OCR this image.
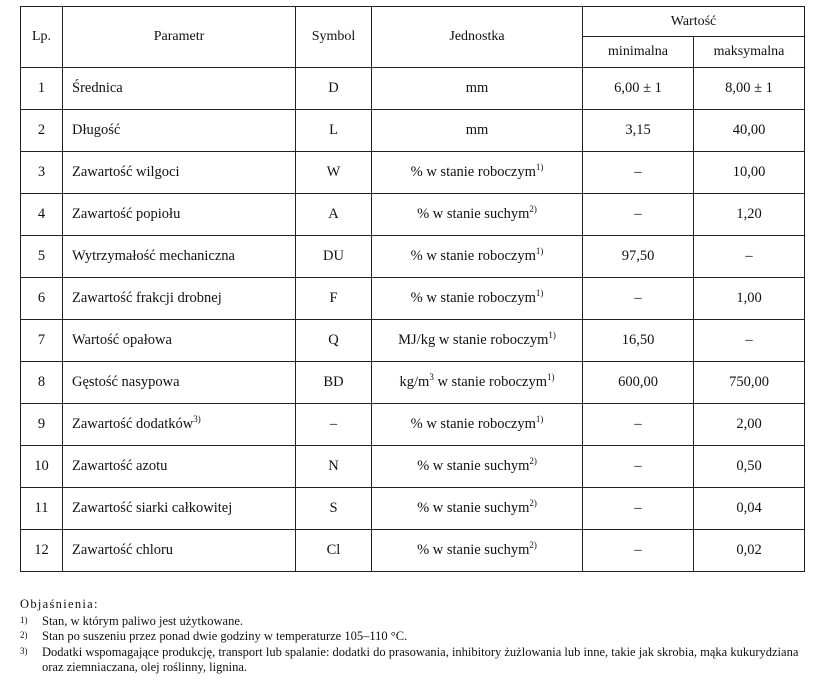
Lp.	Parametr	Symbol	Jednostka	Wartość	
				minimalna	maksymalna
1	Średnica	D	mm	6,00 ± 1	8,00 ± 1
2	Długość	L	mm	3,15	40,00
3	Zawartość wilgoci	W	% w stanie roboczym$^{1)}$	–	10,00
4	Zawartość popiołu	A	% w stanie suchym$^{2)}$	–	1,20
5	Wytrzymałość mechaniczna	DU	% w stanie roboczym$^{1)}$	97,50	–
6	Zawartość frakcji drobnej	F	% w stanie roboczym$^{1)}$	–	1,00
7	Wartość opałowa	Q	MJ/kg w stanie roboczym$^{1)}$	16,50	–
8	Gęstość nasypowa	BD	$kg/m^3$ w stanie roboczym$^{1)}$	600,00	750,00
9	Zawartość dodatków$^{3)}$	–	% w stanie roboczym$^{1)}$	–	2,00
10	Zawartość azotu	N	% w stanie suchym$^{2)}$	–	0,50
11	Zawartość siarki całkowitej	S	% w stanie suchym$^{2)}$	–	0,04
12	Zawartość chloru	Cl	% w stanie suchym$^{2)}$	–	0,02
Objaśnienia:
1)	Stan, w którym paliwo jest użytkowane.
2)	Stan po suszeniu przez ponad dwie godziny w temperaturze 105–110 °C.
3)	Dodatki wspomagające produkcję, transport lub spalanie: dodatki do prasowania, inhibitory żużlowania lub inne, takie jak skrobia, mąka kukurydziana oraz ziemniaczana, olej roślinny, lignina.
